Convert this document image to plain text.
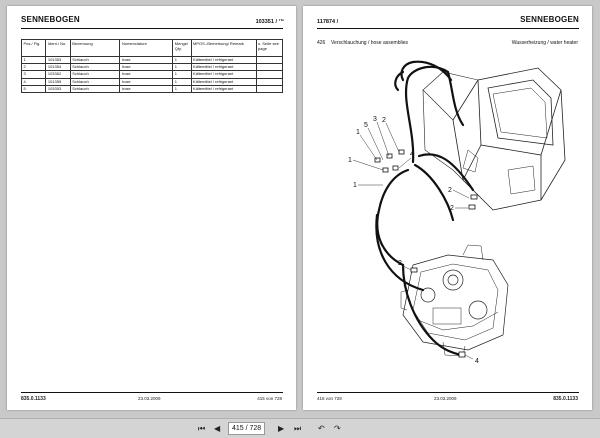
SENNEBOGEN	103351 / ™
Pos./ Fig.	Ident./ No.	Benennung	Nomenclature	Menge/ Qty.	MPOS.-Bemerkung/ Remark	s. Seite see page
1	101353	Schlauch	hose	1	Kältemittel / refrigerant	
2	101354	Schlauch	hose	1	Kältemittel / refrigerant	
3	103362	Schlauch	hose	1	Kältemittel / refrigerant	
4	101355	Schlauch	hose	1	Kältemittel / refrigerant	
5	103353	Schlauch	hose	1	Kältemittel / refrigerant	
835.0.1133	23.03.2009	415 von 728
117874 /	SENNEBOGEN
426 Verschlauchung / hose assemblies	Wasserheizung / water heater
1
5
3 2
1
4
1
2
2
2
4
416 von 728	23.03.2009	835.0.1133
⏮ ◀	415 / 728	▶ ⏭ ↶ ↷
